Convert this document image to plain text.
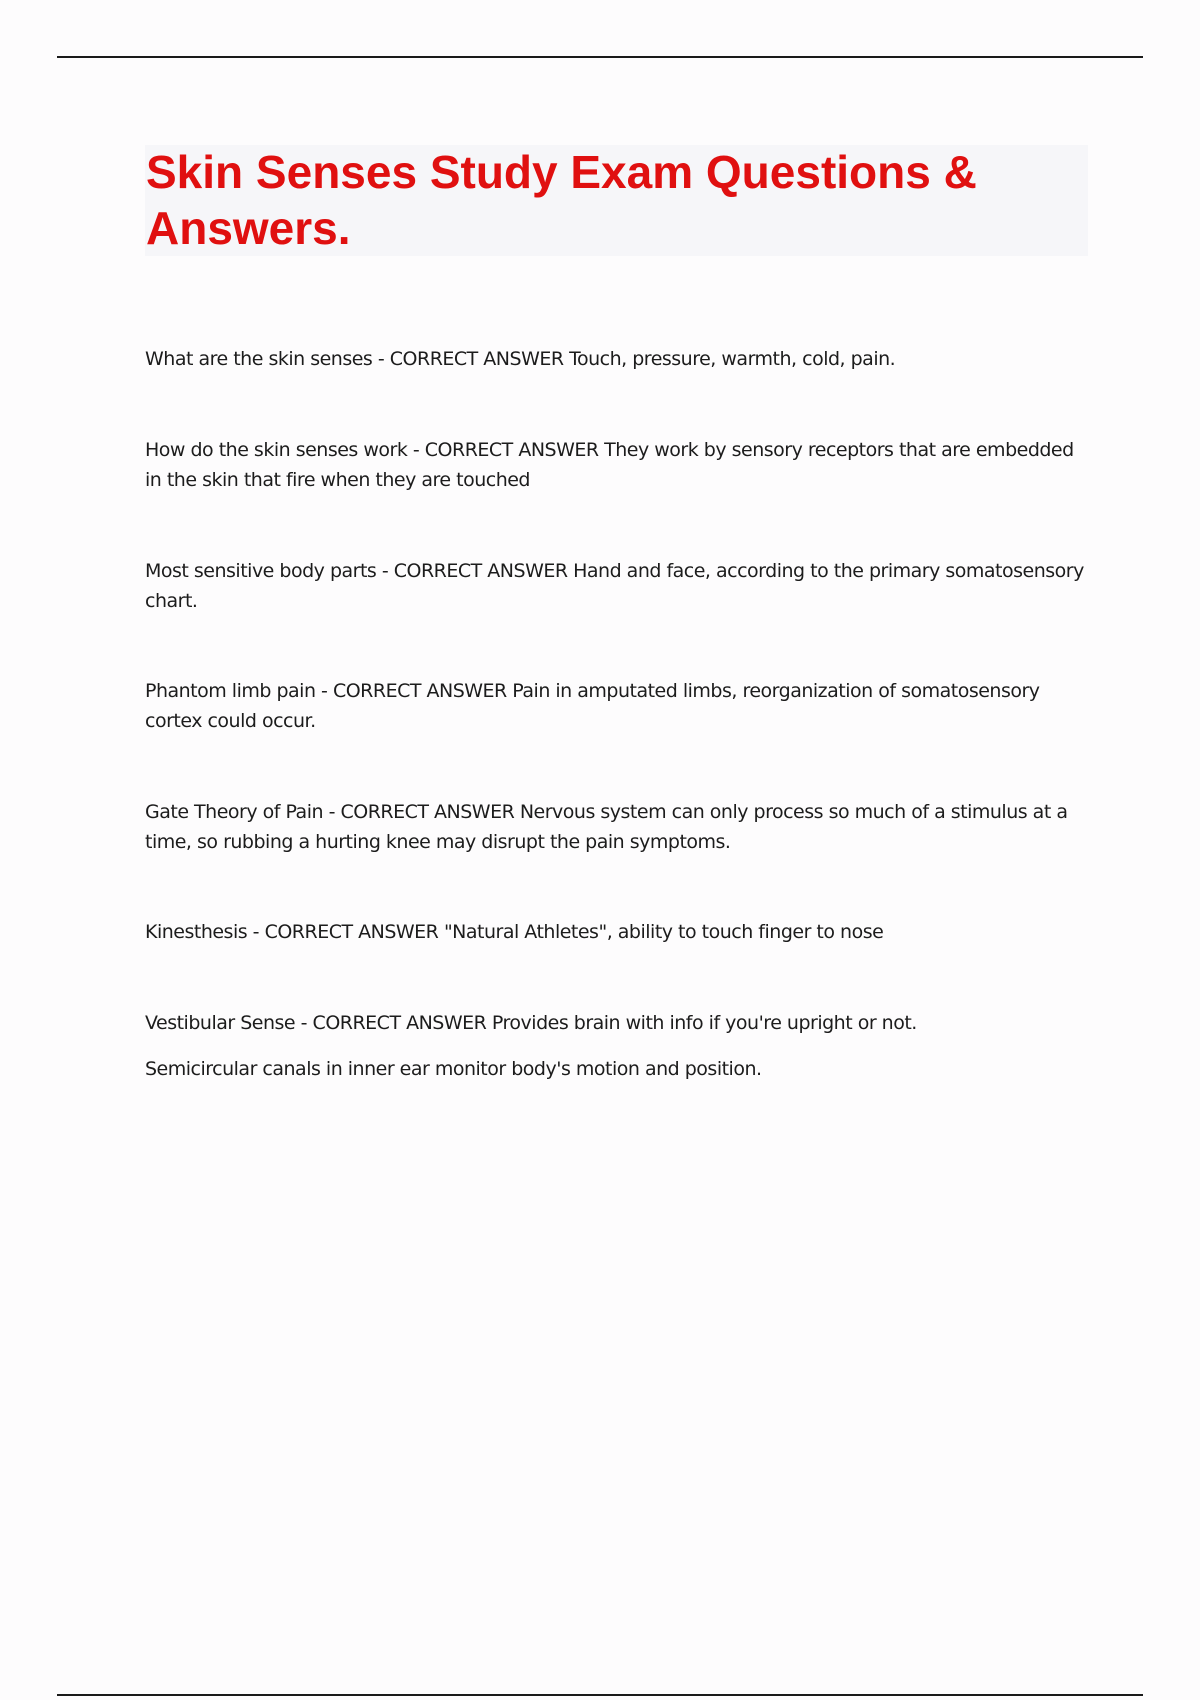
Skin Senses Study Exam Questions & Answers.

What are the skin senses - CORRECT ANSWER Touch, pressure, warmth, cold, pain.

How do the skin senses work - CORRECT ANSWER They work by sensory receptors that are embedded in the skin that fire when they are touched

Most sensitive body parts - CORRECT ANSWER Hand and face, according to the primary somatosensory chart.

Phantom limb pain - CORRECT ANSWER Pain in amputated limbs, reorganization of somatosensory cortex could occur.

Gate Theory of Pain - CORRECT ANSWER Nervous system can only process so much of a stimulus at a time, so rubbing a hurting knee may disrupt the pain symptoms.

Kinesthesis - CORRECT ANSWER "Natural Athletes", ability to touch finger to nose

Vestibular Sense - CORRECT ANSWER Provides brain with info if you're upright or not.

Semicircular canals in inner ear monitor body's motion and position.
